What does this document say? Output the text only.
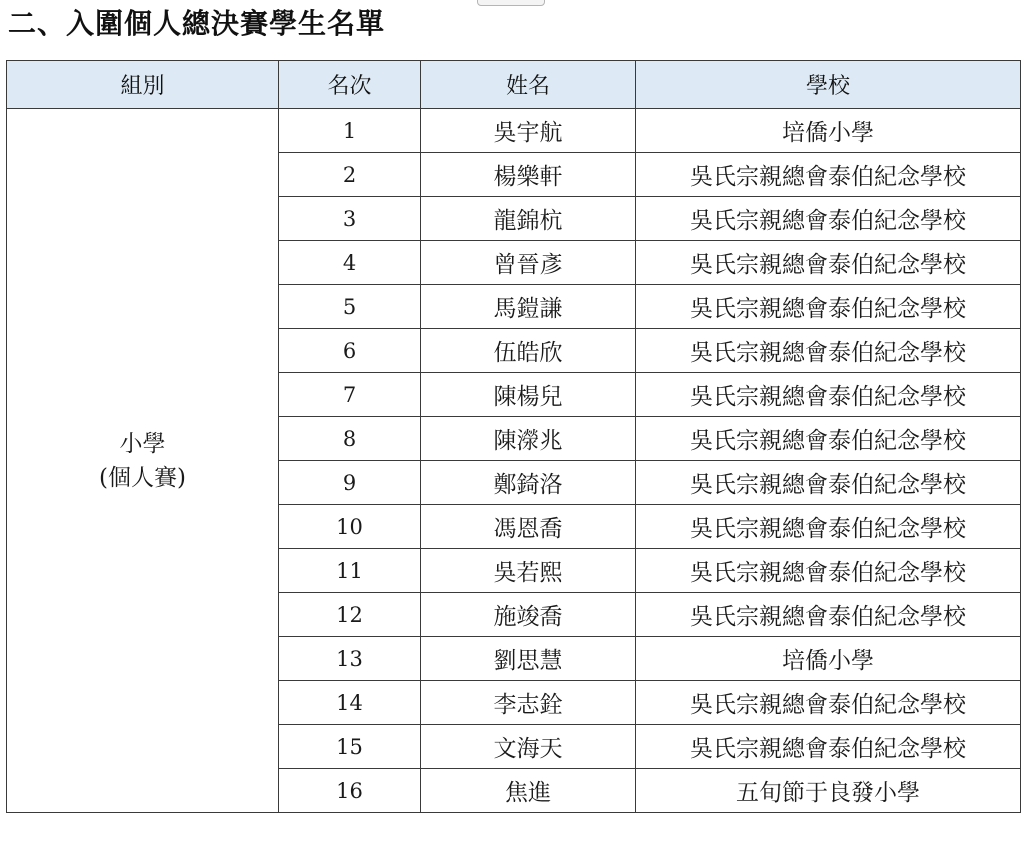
二、入圍個人總決賽學生名單
組別	名次	姓名	學校

小學
(個人賽)	1	吳宇航	培僑小學
	2	楊樂軒	吳氏宗親總會泰伯紀念學校
	3	龍錦杭	吳氏宗親總會泰伯紀念學校
	4	曾晉彥	吳氏宗親總會泰伯紀念學校
	5	馬鎧謙	吳氏宗親總會泰伯紀念學校
	6	伍皓欣	吳氏宗親總會泰伯紀念學校
	7	陳楊兒	吳氏宗親總會泰伯紀念學校
	8	陳濴兆	吳氏宗親總會泰伯紀念學校
	9	鄭錡洛	吳氏宗親總會泰伯紀念學校
	10	馮恩喬	吳氏宗親總會泰伯紀念學校
	11	吳若熙	吳氏宗親總會泰伯紀念學校
	12	施竣喬	吳氏宗親總會泰伯紀念學校
	13	劉思慧	培僑小學
	14	李志銓	吳氏宗親總會泰伯紀念學校
	15	文海天	吳氏宗親總會泰伯紀念學校
	16	焦進	五旬節于良發小學
